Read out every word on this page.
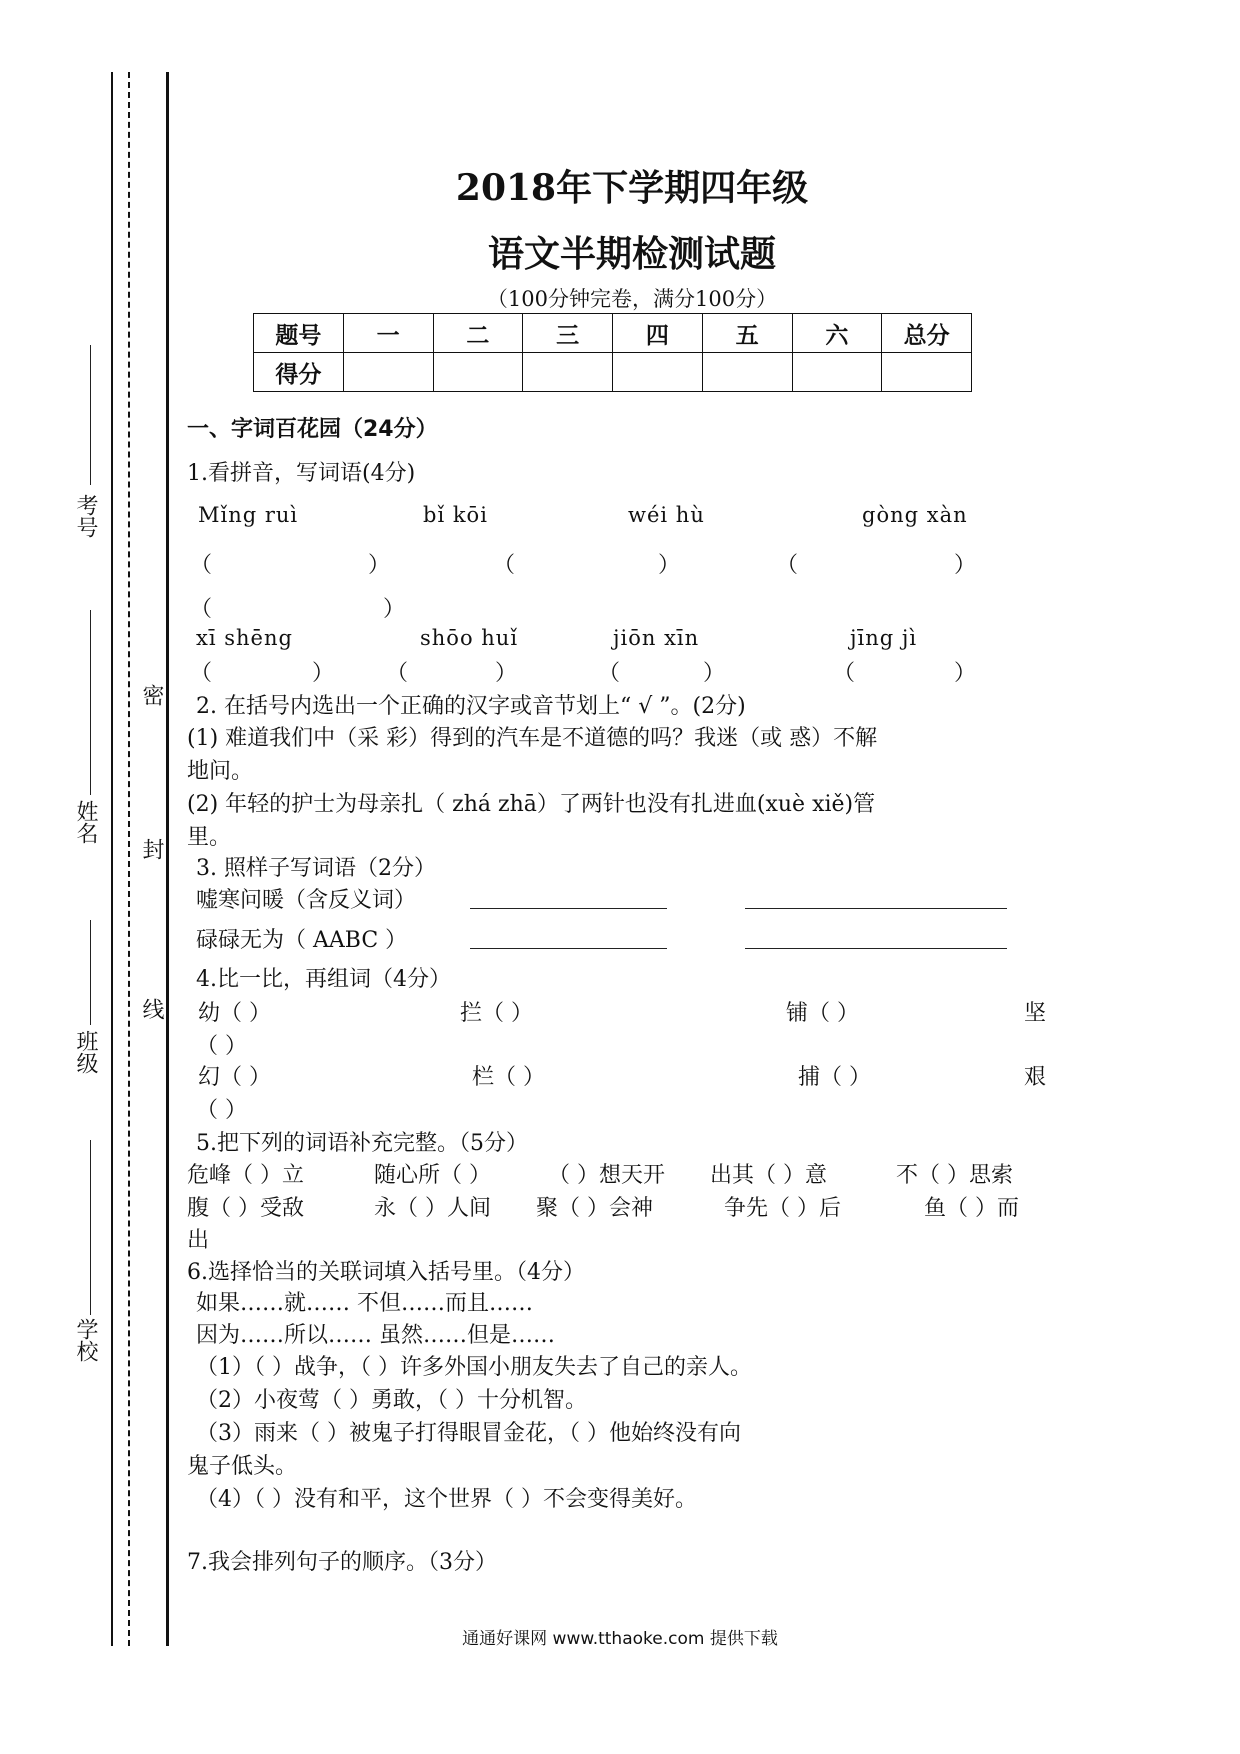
考号
姓名
班级
学校
密
封
线
2018年下学期四年级
语文半期检测试题
（100分钟完卷，满分100分）
题号	一	二	三	四	五	六	总分
得分							
一、字词百花园（24分）
1.看拼音，写词语(4分)
Mǐng ruì	bǐ kōi	wéi hù	gòng xàn
（	）	（	）	（	）
（	）
xī shēng	shōo huǐ	jiōn xīn	jīng jì
（	） （	）	（	）	（	）
2. 在括号内选出一个正确的汉字或音节划上“ √ ”。(2分)
(1) 难道我们中（采 彩）得到的汽车是不道德的吗？我迷（或 惑）不解
地问。
(2) 年轻的护士为母亲扎（ zhá zhā）了两针也没有扎进血(xuè xiě)管
里。
3. 照样子写词语（2分）
嘘寒问暖（含反义词）
碌碌无为（ AABC ）
4.比一比，再组词（4分）
幼（ ）	拦（ ）	铺（ ）	坚
（ ）
幻（ ）	栏（ ）	捕（ ）	艰
（ ）
5.把下列的词语补充完整。（5分）
危峰（ ）立	随心所（ ）	（ ）想天开 出其（ ）意	不（ ）思索
腹（ ）受敌	永（ ）人间 聚（ ）会神	争先（ ）后	鱼（ ）而
出
6.选择恰当的关联词填入括号里。（4分）
如果……就…… 不但……而且……
因为……所以…… 虽然……但是……
（1）（ ）战争，（ ）许多外国小朋友失去了自己的亲人。
（2）小夜莺（ ）勇敢，（ ）十分机智。
（3）雨来（ ）被鬼子打得眼冒金花，（ ）他始终没有向
鬼子低头。
（4）（ ）没有和平，这个世界（ ）不会变得美好。
7.我会排列句子的顺序。（3分）
通通好课网 www.tthaoke.com 提供下载
